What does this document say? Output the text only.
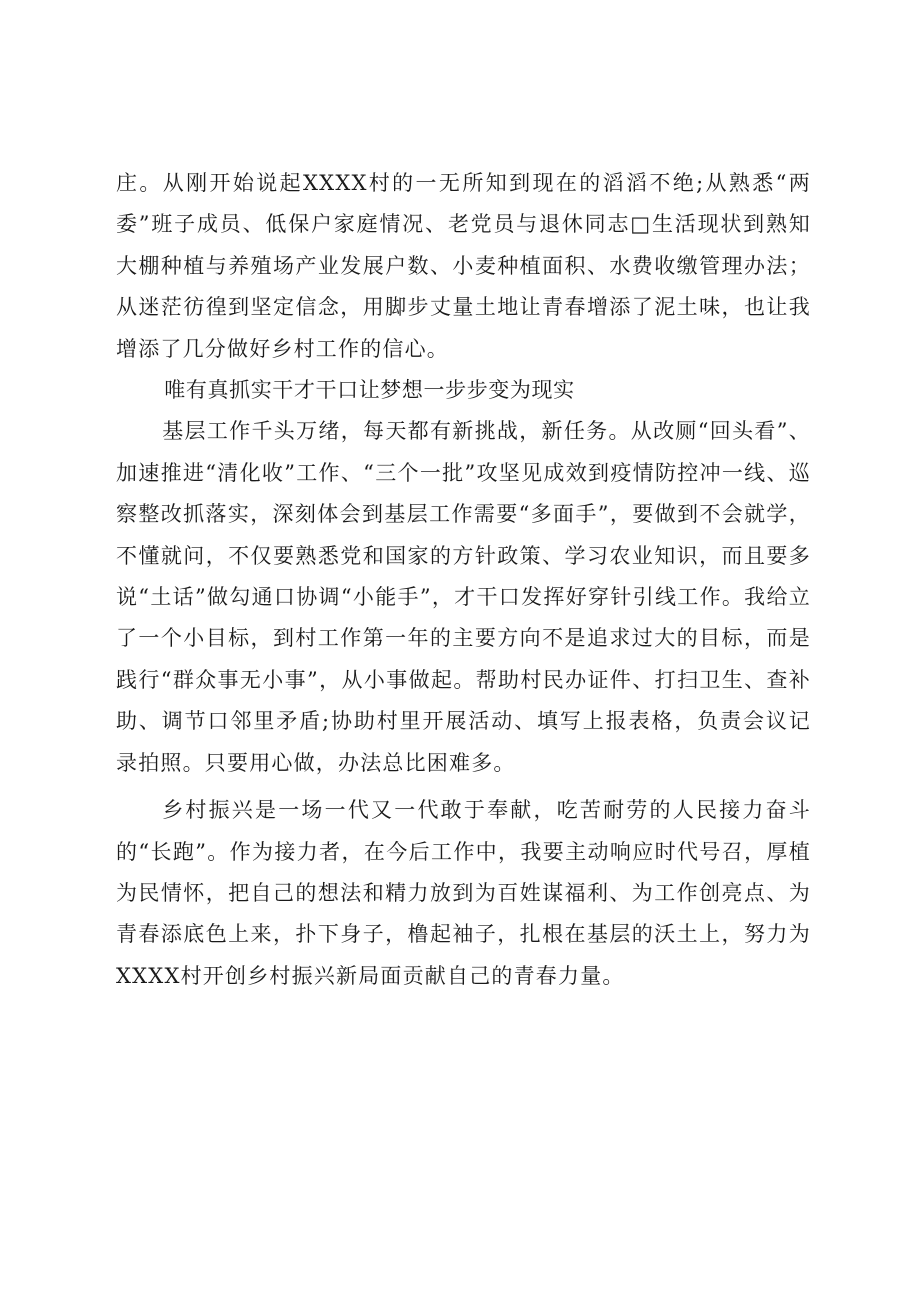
庄。从刚开始说起XXXX村的一无所知到现在的滔滔不绝;从熟悉“两委”班子成员、低保户家庭情况、老党员与退休同志□生活现状到熟知大棚种植与养殖场产业发展户数、小麦种植面积、水费收缴管理办法；从迷茫彷徨到坚定信念，用脚步丈量土地让青春增添了泥土味，也让我增添了几分做好乡村工作的信心。

唯有真抓实干才干口让梦想一步步变为现实

基层工作千头万绪，每天都有新挑战，新任务。从改厕“回头看”、加速推进“清化收”工作、“三个一批”攻坚见成效到疫情防控冲一线、巡察整改抓落实，深刻体会到基层工作需要“多面手”，要做到不会就学，不懂就问，不仅要熟悉党和国家的方针政策、学习农业知识，而且要多说“土话”做勾通口协调“小能手”，才干口发挥好穿针引线工作。我给立了一个小目标，到村工作第一年的主要方向不是追求过大的目标，而是践行“群众事无小事”，从小事做起。帮助村民办证件、打扫卫生、查补助、调节口邻里矛盾;协助村里开展活动、填写上报表格，负责会议记录拍照。只要用心做，办法总比困难多。

乡村振兴是一场一代又一代敢于奉献，吃苦耐劳的人民接力奋斗的“长跑”。作为接力者，在今后工作中，我要主动响应时代号召，厚植为民情怀，把自己的想法和精力放到为百姓谋福利、为工作创亮点、为青春添底色上来，扑下身子，橹起袖子，扎根在基层的沃土上，努力为XXXX村开创乡村振兴新局面贡献自己的青春力量。
